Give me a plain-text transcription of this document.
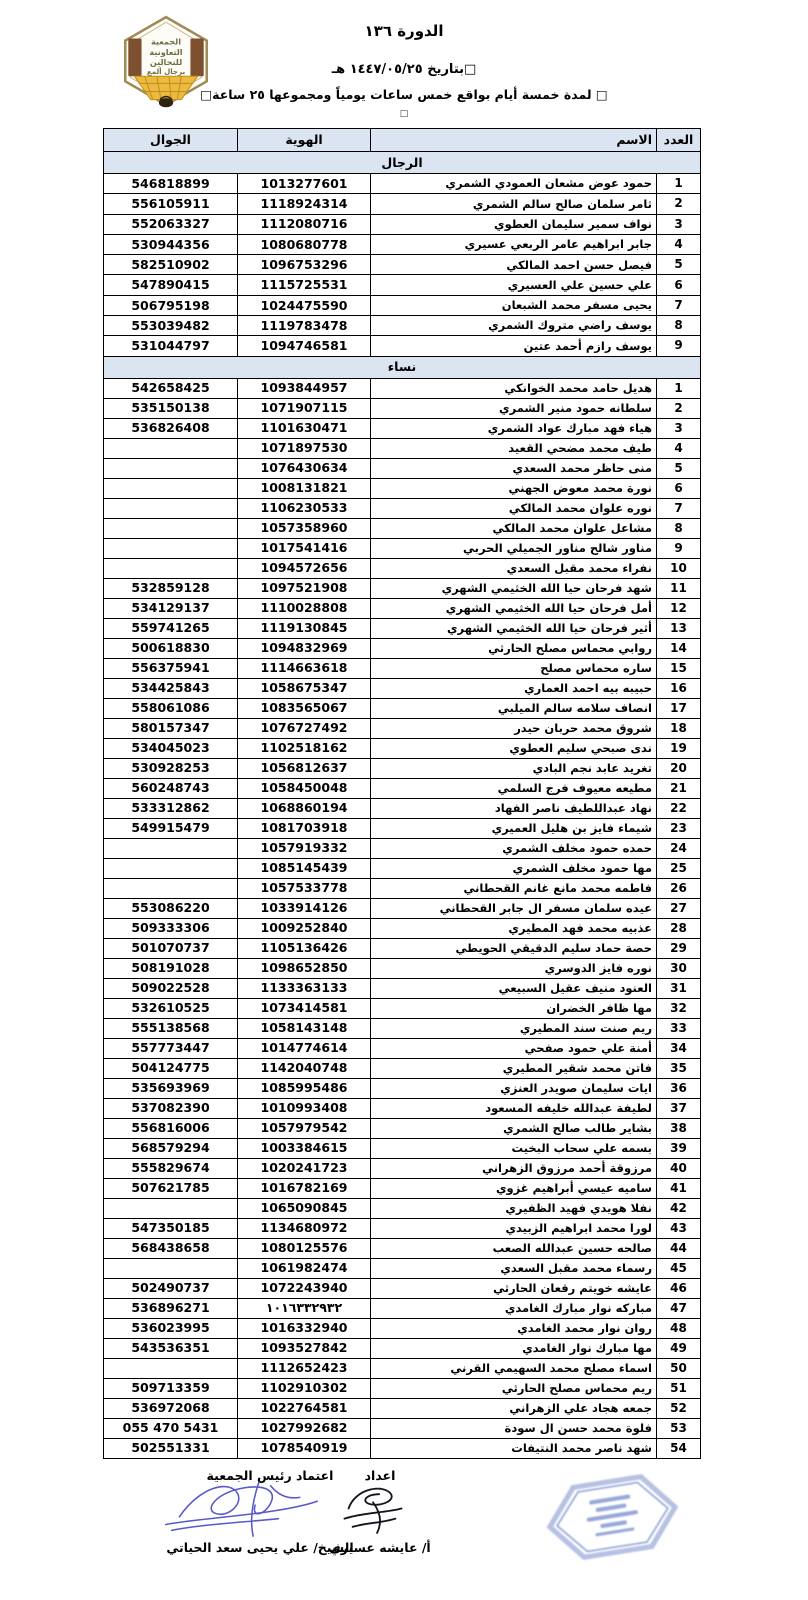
الجمعية
التعاونية
للنحالين
برجال ألمع
الدورة ١٣٦
□بتاريخ ١٤٤٧/٠٥/٢٥ هـ
□ لمدة خمسة أيام بواقع خمس ساعات يومياً ومجموعها ٢٥ ساعة□
□
العدد	الاسم	الهوية	الجوال
الرجال			
1	حمود عوض مشعان العمودي الشمري	1013277601	546818899
2	ثامر سلمان صالح سالم الشمري	1118924314	556105911
3	نواف سمير سليمان العطوي	1112080716	552063327
4	جابر ابراهيم عامر الربعي عسيري	1080680778	530944356
5	فيصل حسن احمد المالكي	1096753296	582510902
6	علي حسين علي العسيري	1115725531	547890415
7	يحيى مسفر محمد الشبعان	1024475590	506795198
8	يوسف راضي متروك الشمري	1119783478	553039482
9	يوسف رازم أحمد عتين	1094746581	531044797
نساء			
1	هديل حامد محمد الخوانكي	1093844957	542658425
2	سلطانه حمود منير الشمري	1071907115	535150138
3	هياء فهد مبارك عواد الشمري	1101630471	536826408
4	طيف محمد مضحي القعيد	1071897530	
5	منى حاظر محمد السعدي	1076430634	
6	نورة محمد معوض الجهني	1008131821	
7	نوره علوان محمد المالكي	1106230533	
8	مشاعل علوان محمد المالكي	1057358960	
9	مناور شالح مناور الجميلي الحربي	1017541416	
10	نفراء محمد مقبل السعدي	1094572656	
11	شهد فرحان حيا الله الخثيمي الشهري	1097521908	532859128
12	أمل فرحان حيا الله الخثيمي الشهري	1110028808	534129137
13	أثير فرحان حيا الله الخثيمي الشهري	1119130845	559741265
14	روابي محماس مصلح الحارثي	1094832969	500618830
15	ساره محماس مصلح	1114663618	556375941
16	حبيبه بيه احمد العماري	1058675347	534425843
17	انصاف سلامه سالم الميلبي	1083565067	558061086
18	شروق محمد حربان حيدر	1076727492	580157347
19	ندى صبحي سليم العطوي	1102518162	534045023
20	تغريد عابد نجم البادي	1056812637	530928253
21	مطيعه معيوف فرج السلمي	1058450048	560248743
22	نهاد عبداللطيف ناصر الفهاد	1068860194	533312862
23	شيماء فايز بن هليل العميري	1081703918	549915479
24	حمده حمود مخلف الشمري	1057919332	
25	مها حمود مخلف الشمري	1085145439	
26	فاطمه محمد مانع غانم القحطاني	1057533778	
27	عيده سلمان مسفر ال جابر القحطاني	1033914126	553086220
28	عذبيه محمد فهد المطيري	1009252840	509333306
29	حصة حماد سليم الدقيقي الحويطي	1105136426	501070737
30	نوره فايز الدوسري	1098652850	508191028
31	العنود منيف عقيل السبيعي	1133363133	509022528
32	مها ظافر الخضران	1073414581	532610525
33	ريم صنت سند المطيري	1058143148	555138568
34	أمنة علي حمود صفحي	1014774614	557773447
35	فاتن محمد شقير المطيري	1142040748	504124775
36	ايات سليمان صويدر العنزي	1085995486	535693969
37	لطيفة عبدالله خليفه المسعود	1010993408	537082390
38	بشاير طالب صالح الشمري	1057979542	556816006
39	بسمه علي سحاب البخيت	1003384615	568579294
40	مرزوقة أحمد مرزوق الزهراني	1020241723	555829674
41	ساميه عيسي أبراهيم غزوي	1016782169	507621785
42	نفلا هويدي فهيد الظفيري	1065090845	
43	لورا محمد ابراهيم الزبيدي	1134680972	547350185
44	صالحه حسين عبدالله الصعب	1080125576	568438658
45	رسماء محمد مقبل السعدي	1061982474	
46	عايشه خويتم رقعان الحارثي	1072243940	502490737
47	مباركه نوار مبارك الغامدي	١٠١٦٣٣٢٩٣٢	536896271
48	روان نوار محمد الغامدي	1016332940	536023995
49	مها مبارك نوار الغامدي	1093527842	543536351
50	اسماء مصلح محمد السهيمي القرني	1112652423	
51	ريم محماس مصلح الحارثي	1102910302	509713359
52	جمعه هجاد علي الزهراني	1022764581	536972068
53	فلوة محمد حسن ال سودة	1027992682	055 470 5431
54	شهد ناصر محمد النتيفات	1078540919	502551331
اعتماد رئيس الجمعية
الشيخ/ علي يحيى سعد الحياتي
اعداد
أ/ عايشه عسيري
